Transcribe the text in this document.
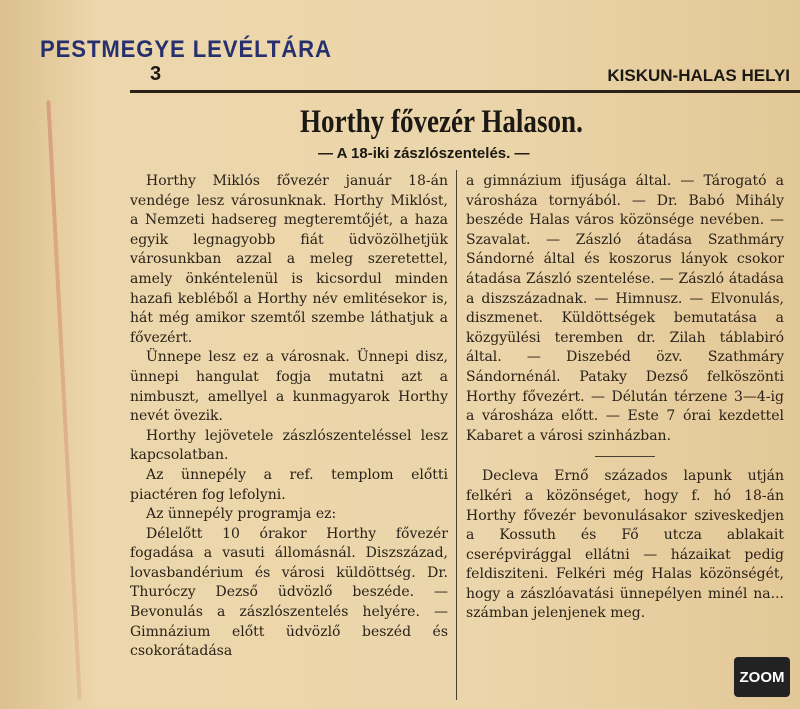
PESTMEGYE LEVÉLTÁRA
3	KISKUN-HALAS HELYI
Horthy fővezér Halason.
— A 18-iki zászlószentelés. —

Horthy Miklós fővezér január 18-án vendége lesz városunknak. Horthy Miklóst, a Nemzeti hadsereg megteremtőjét, a haza egyik legnagyobb fiát üdvözölhetjük városunkban azzal a meleg szeretettel, amely önkéntelenül is kicsordul minden hazafi kebléből a Horthy név emlitésekor is, hát még amikor szemtől szembe láthatjuk a fővezért.

Ünnepe lesz ez a városnak. Ünnepi disz, ünnepi hangulat fogja mutatni azt a nimbuszt, amellyel a kunmagyarok Horthy nevét övezik.

Horthy lejövetele zászlószenteléssel lesz kapcsolatban.

Az ünnepély a ref. templom előtti piactéren fog lefolyni.

Az ünnepély programja ez:

Délelőtt 10 órakor Horthy fővezér fogadása a vasuti állomásnál. Diszszázad, lovasbandérium és városi küldöttség. Dr. Thuróczy Dezső üdvözlő beszéde. — Bevonulás a zászlószentelés helyére. — Gimnázium előtt üdvözlő beszéd és csokorátadása

a gimnázium ifjusága által. — Tárogató a városháza tornyából. — Dr. Babó Mihály beszéde Halas város közönsége nevében. — Szavalat. — Zászló átadása Szathmáry Sándorné által és koszorus lányok csokor átadása Zászló szentelése. — Zászló átadása a diszszázadnak. — Himnusz. — Elvonulás, diszmenet. Küldöttségek bemutatása a közgyülési teremben dr. Zilah táblabiró által. — Diszebéd özv. Szathmáry Sándornénál. Pataky Dezső felköszönti Horthy fővezért. — Délután térzene 3—4-ig a városháza előtt. — Este 7 órai kezdettel Kabaret a városi szinházban.

Decleva Ernő százados lapunk utján felkéri a közönséget, hogy f. hó 18-án Horthy fővezér bevonulásakor sziveskedjen a Kossuth és Fő utcza ablakait cserépvirággal ellátni — házaikat pedig feldisziteni. Felkéri még Halas közönségét, hogy a zászlóavatási ünnepélyen minél na... számban jelenjenek meg.

ZOOM
